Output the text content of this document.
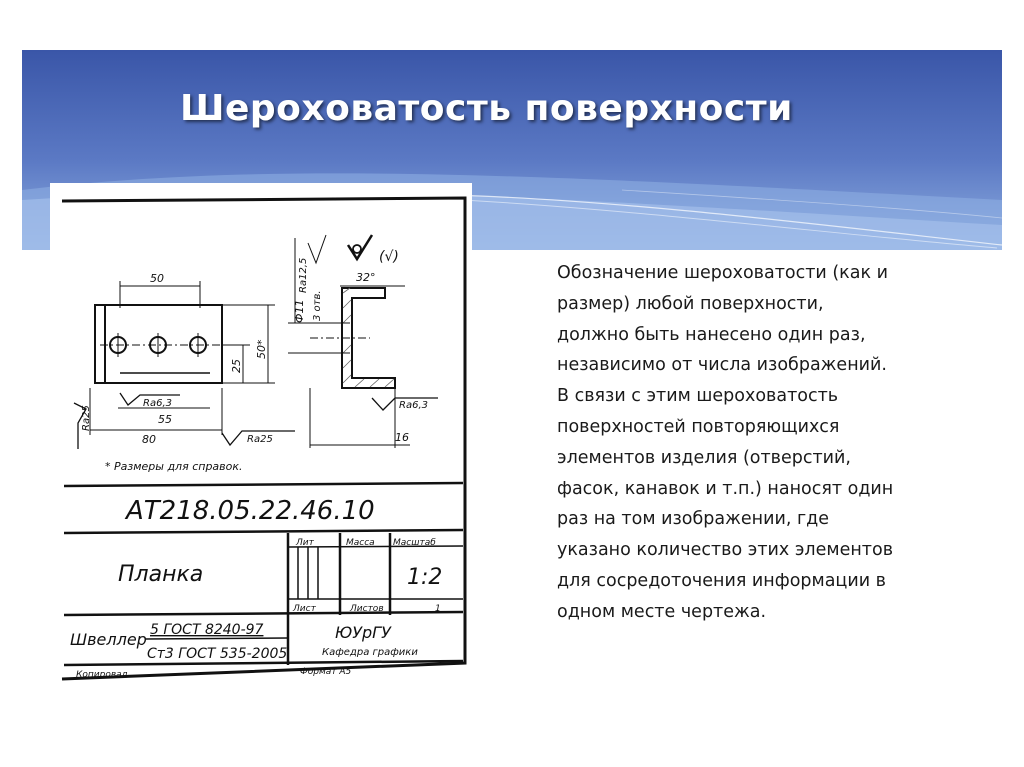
Шероховатость поверхности
50
25
50*
55
80
Ra6,3
Ra25
Ra25	Ra6,3
Ф11
Ra12,5
3 отв.
32°
16
(√)
* Размеры для справок.
АТ218.05.22.46.10
Планка
Лит	Масса Масштаб
1:2
Лист	Листов	1
Швеллер 5 ГОСТ 8240-97
Ст3 ГОСТ 535-2005
ЮУрГУ
Кафедра графики
Копировал	Формат А5
Обозначение шероховатости (как и
размер) любой поверхности,
должно быть нанесено один раз,
независимо от числа изображений.
В связи с этим шероховатость
поверхностей повторяющихся
элементов изделия (отверстий,
фасок, канавок и т.п.) наносят один
раз на том изображении, где
указано количество этих элементов
для сосредоточения информации в
одном месте чертежа.
